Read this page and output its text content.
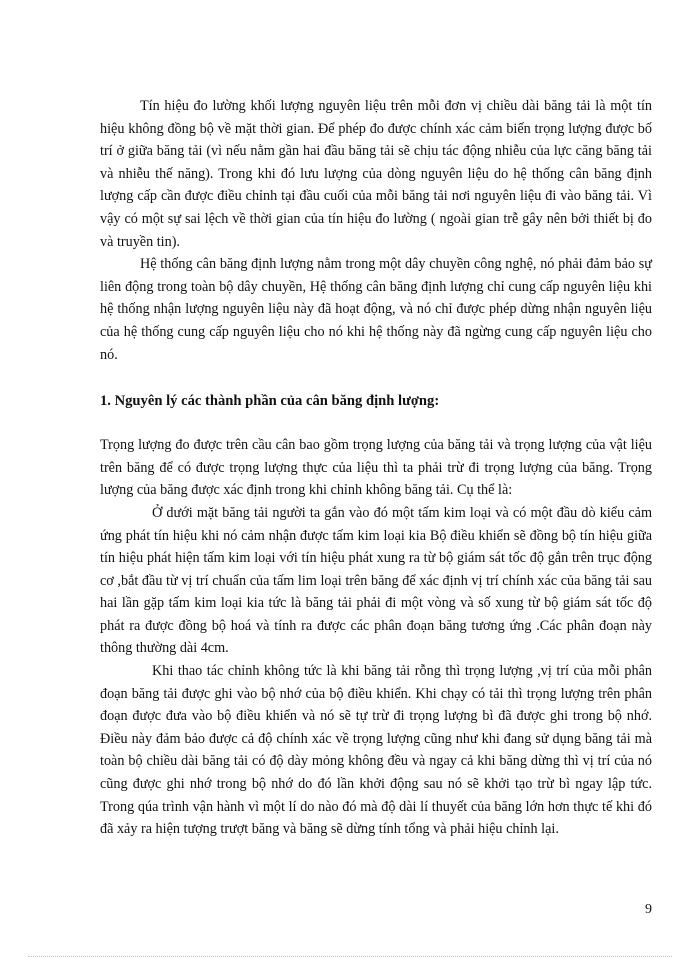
Tín hiệu đo lường khối lượng nguyên liệu trên mỗi đơn vị chiều dài băng tải là một tín hiệu không đồng bộ về mặt thời gian. Để phép đo được chính xác cảm biến trọng lượng được bố trí ở giữa băng tải (vì nếu nằm gần hai đầu băng tải sẽ chịu tác động nhiễu của lực căng băng tải và nhiễu thế năng). Trong khi đó lưu lượng của dòng nguyên liệu do hệ thống cân băng định lượng cấp cần được điều chỉnh tại đầu cuối của mỗi băng tải nơi nguyên liệu đi vào băng tải. Vì vậy có một sự sai lệch về thời gian của tín hiệu đo lường ( ngoài gian trễ gây nên bởi thiết bị đo và truyền tin).

Hệ thống cân băng định lượng nằm trong một dây chuyền công nghệ, nó phải đảm bảo sự liên động trong toàn bộ dây chuyền, Hệ thống cân băng định lượng chỉ cung cấp nguyên liệu khi hệ thống nhận lượng nguyên liệu này đã hoạt động, và nó chỉ được phép dừng nhận nguyên liệu của hệ thống cung cấp nguyên liệu cho nó khi hệ thống này đã ngừng cung cấp nguyên liệu cho nó.

1. Nguyên lý các thành phần của cân băng định lượng:

Trọng lượng đo được trên cầu cân bao gồm trọng lượng của băng tải và trọng lượng của vật liệu trên băng để có được trọng lượng thực của liệu thì ta phải trừ đi trọng lượng của băng. Trọng lượng của băng được xác định trong khi chỉnh không băng tải. Cụ thể là:

Ở dưới mặt băng tải người ta gắn vào đó một tấm kim loại và có một đầu dò kiểu cảm ứng phát tín hiệu khi nó cảm nhận được tấm kim loại kia Bộ điều khiển sẽ đồng bộ tín hiệu giữa tín hiệu phát hiện tấm kim loại với tín hiệu phát xung ra từ bộ giám sát tốc độ gắn trên trục động cơ ,bắt đầu từ vị trí chuẩn của tấm lim loại trên băng để xác định vị trí chính xác của băng tải sau hai lần gặp tấm kim loại kia tức là băng tải phải đi một vòng và số xung từ bộ giám sát tốc độ phát ra được đồng bộ hoá và tính ra được các phân đoạn băng tương ứng .Các phân đoạn này thông thường dài 4cm.

Khi thao tác chỉnh không tức là khi băng tải rỗng thì trọng lượng ,vị trí của mỗi phân đoạn băng tải được ghi vào bộ nhớ của bộ điều khiển. Khi chạy có tải thì trọng lượng trên phân đoạn được đưa vào bộ điều khiển và nó sẽ tự trừ đi trọng lượng bì đã được ghi trong bộ nhớ. Điều này đảm bảo được cả độ chính xác về trọng lượng cũng như khi đang sử dụng băng tải mà toàn bộ chiều dài băng tải có độ dày mỏng không đều và ngay cả khi băng dừng thì vị trí của nó cũng được ghi nhớ trong bộ nhớ do đó lần khởi động sau nó sẽ khởi tạo trừ bì ngay lập tức. Trong qúa trình vận hành vì một lí do nào đó mà độ dài lí thuyết của băng lớn hơn thực tế khi đó đã xảy ra hiện tượng trượt băng và băng sẽ dừng tính tổng và phải hiệu chỉnh lại.

9
